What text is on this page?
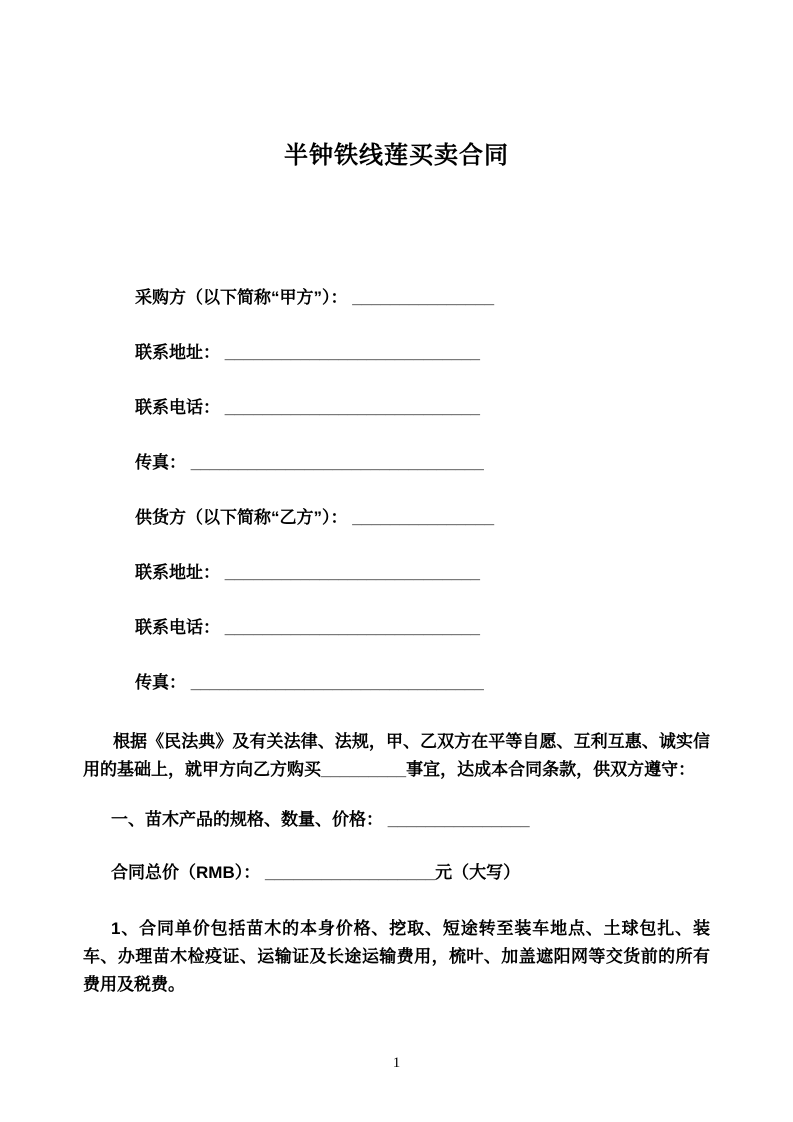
半钟铁线莲买卖合同
采购方（以下简称“甲方”）： _______________
联系地址： ___________________________
联系电话： ___________________________
传真： _______________________________
供货方（以下简称“乙方”）： _______________
联系地址： ___________________________
联系电话： ___________________________
传真： _______________________________

根据《民法典》及有关法律、法规，甲、乙双方在平等自愿、互利互惠、诚实信用的基础上，就甲方向乙方购买_________事宜，达成本合同条款，供双方遵守：

一、苗木产品的规格、数量、价格： _______________
合同总价（RMB）： __________________元（大写）

1、合同单价包括苗木的本身价格、挖取、短途转至装车地点、土球包扎、装车、办理苗木检疫证、运输证及长途运输费用，梳叶、加盖遮阳网等交货前的所有费用及税费。

1
